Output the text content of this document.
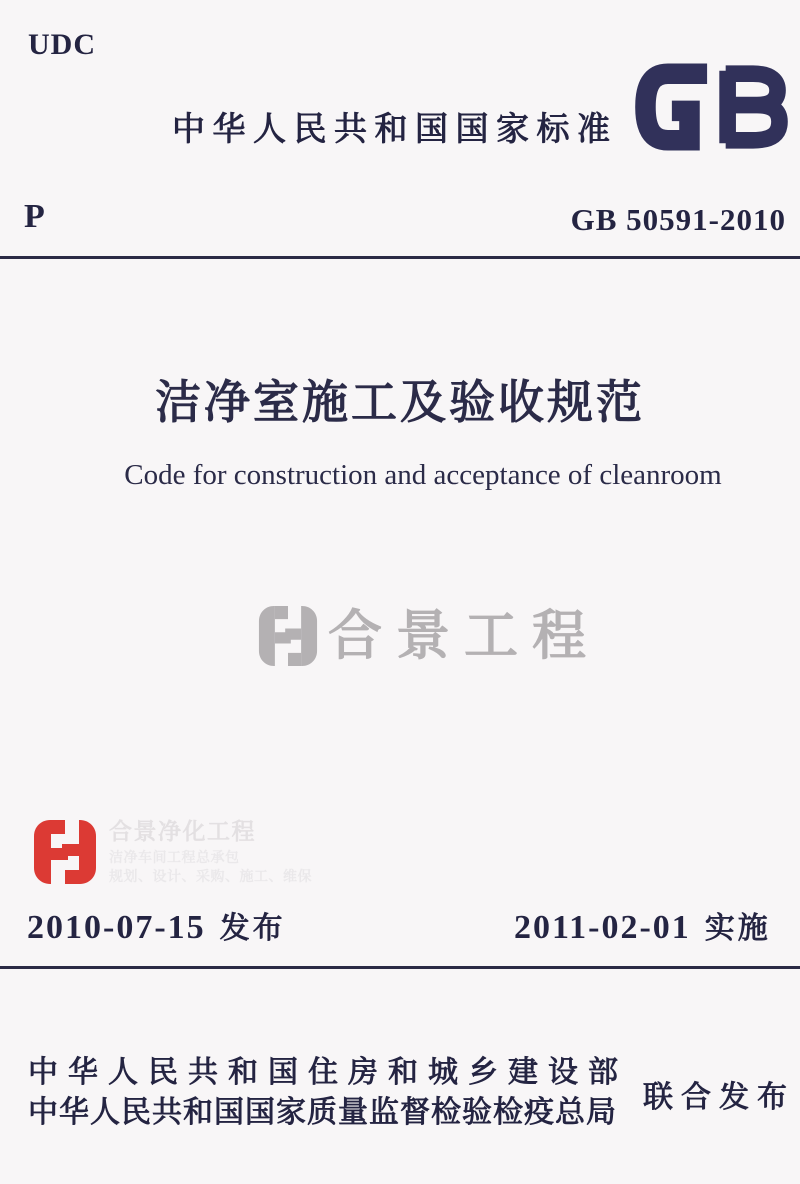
UDC
中华人民共和国国家标准
P	GB 50591-2010
洁净室施工及验收规范
Code for construction and acceptance of cleanroom
合景工程
合景净化工程
洁净车间工程总承包
规划、设计、采购、施工、维保
2010-07-15 发布	2011-02-01 实施
中华人民共和国住房和城乡建设部
中华人民共和国国家质量监督检验检疫总局 联合发布
